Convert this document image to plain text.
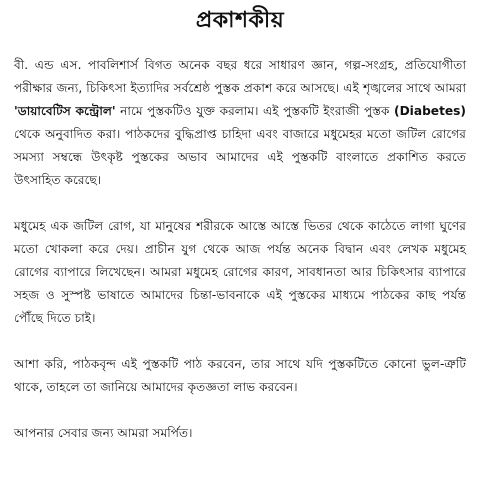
প্রকাশকীয়

বী. এন্ড এস. পাবলিশার্স বিগত অনেক বছর ধরে সাধারণ জ্ঞান, গল্প-সংগ্রহ, প্রতিযোগীতা পরীক্ষার জন্য, চিকিৎসা ইত্যাদির সর্বশ্রেষ্ঠ পুস্তক প্রকাশ করে আসছে। এই শৃঙ্খলের সাথে আমরা 'ডায়াবেটিস কন্ট্রোল' নামে পুস্তকটিও যুক্ত করলাম। এই পুস্তকটি ইংরাজী পুস্তক (Diabetes) থেকে অনুবাদিত করা। পাঠকদের বুদ্ধিপ্রাপ্ত চাহিদা এবং বাজারে মধুমেহর মতো জটিল রোগের সমস্যা সম্বন্ধে উৎকৃষ্ট পুস্তকের অভাব আমাদের এই পুস্তকটি বাংলাতে প্রকাশিত করতে উৎসাহিত করেছে।

মধুমেহ এক জটিল রোগ, যা মানুষের শরীরকে আস্তে আস্তে ভিতর থেকে কাঠেতে লাগা ঘুণের মতো খোকলা করে দেয়। প্রাচীন যুগ থেকে আজ পর্যন্ত অনেক বিদ্বান এবং লেখক মধুমেহ রোগের ব্যাপারে লিখেছেন। আমরা মধুমেহ রোগের কারণ, সাবধানতা আর চিকিৎসার ব্যাপারে সহজ ও সুস্পষ্ট ভাষাতে আমাদের চিন্তা-ভাবনাকে এই পুস্তকের মাধ্যমে পাঠকের কাছ পর্যন্ত পৌঁছে দিতে চাই।

আশা করি, পাঠকবৃন্দ এই পুস্তকটি পাঠ করবেন, তার সাথে যদি পুস্তকটিতে কোনো ভুল-ত্রুটি থাকে, তাহলে তা জানিয়ে আমাদের কৃতজ্ঞতা লাভ করবেন।

আপনার সেবার জন্য আমরা সমর্পিত।
